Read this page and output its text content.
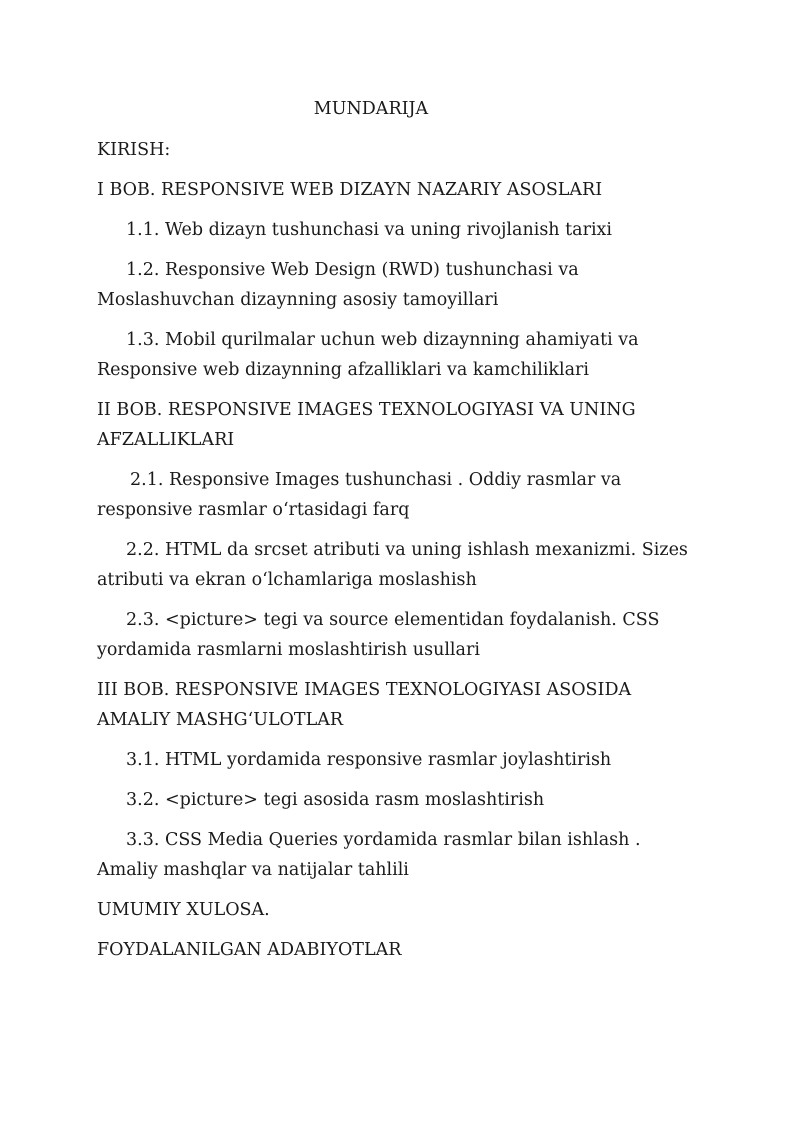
MUNDARIJA

KIRISH:

I BOB. RESPONSIVE WEB DIZAYN NAZARIY ASOSLARI

1.1. Web dizayn tushunchasi va uning rivojlanish tarixi

1.2. Responsive Web Design (RWD) tushunchasi va Moslashuvchan dizaynning asosiy tamoyillari

1.3. Mobil qurilmalar uchun web dizaynning ahamiyati va Responsive web dizaynning afzalliklari va kamchiliklari

II BOB. RESPONSIVE IMAGES TEXNOLOGIYASI VA UNING AFZALLIKLARI

2.1. Responsive Images tushunchasi . Oddiy rasmlar va responsive rasmlar o‘rtasidagi farq

2.2. HTML da srcset atributi va uning ishlash mexanizmi. Sizes atributi va ekran o‘lchamlariga moslashish

2.3. <picture> tegi va source elementidan foydalanish. CSS yordamida rasmlarni moslashtirish usullari

III BOB. RESPONSIVE IMAGES TEXNOLOGIYASI ASOSIDA AMALIY MASHG‘ULOTLAR

3.1. HTML yordamida responsive rasmlar joylashtirish

3.2. <picture> tegi asosida rasm moslashtirish

3.3. CSS Media Queries yordamida rasmlar bilan ishlash . Amaliy mashqlar va natijalar tahlili

UMUMIY XULOSA.

FOYDALANILGAN ADABIYOTLAR
